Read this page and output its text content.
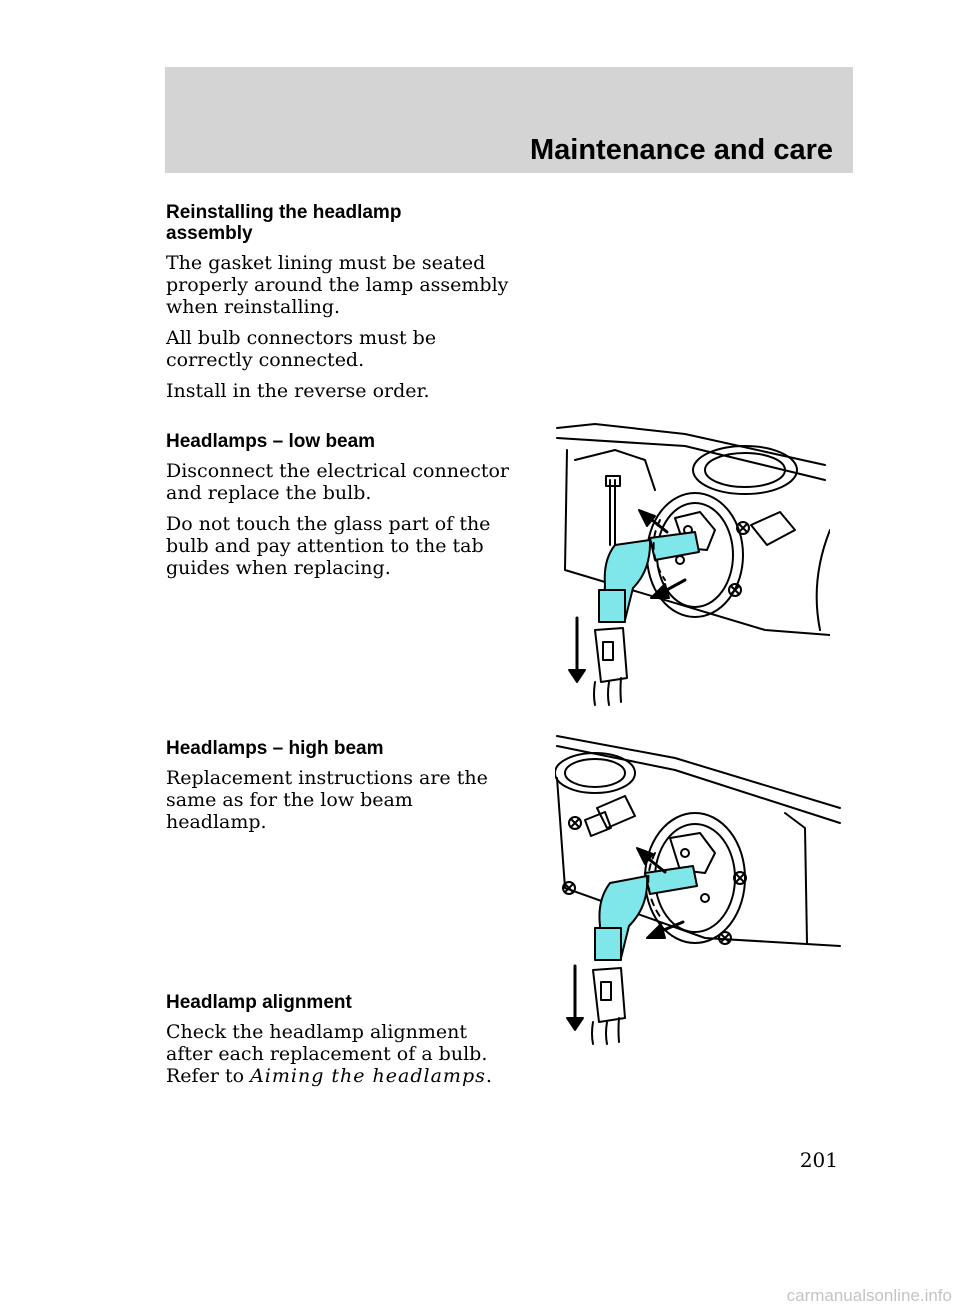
Maintenance and care
Reinstalling the headlamp
assembly

The gasket lining must be seated
properly around the lamp assembly
when reinstalling.

All bulb connectors must be
correctly connected.

Install in the reverse order.

Headlamps – low beam

Disconnect the electrical connector
and replace the bulb.

Do not touch the glass part of the
bulb and pay attention to the tab
guides when replacing.

Headlamps – high beam

Replacement instructions are the
same as for the low beam
headlamp.

Headlamp alignment

Check the headlamp alignment
after each replacement of a bulb.
Refer to Aiming the headlamps.

201
carmanualsonline.info
